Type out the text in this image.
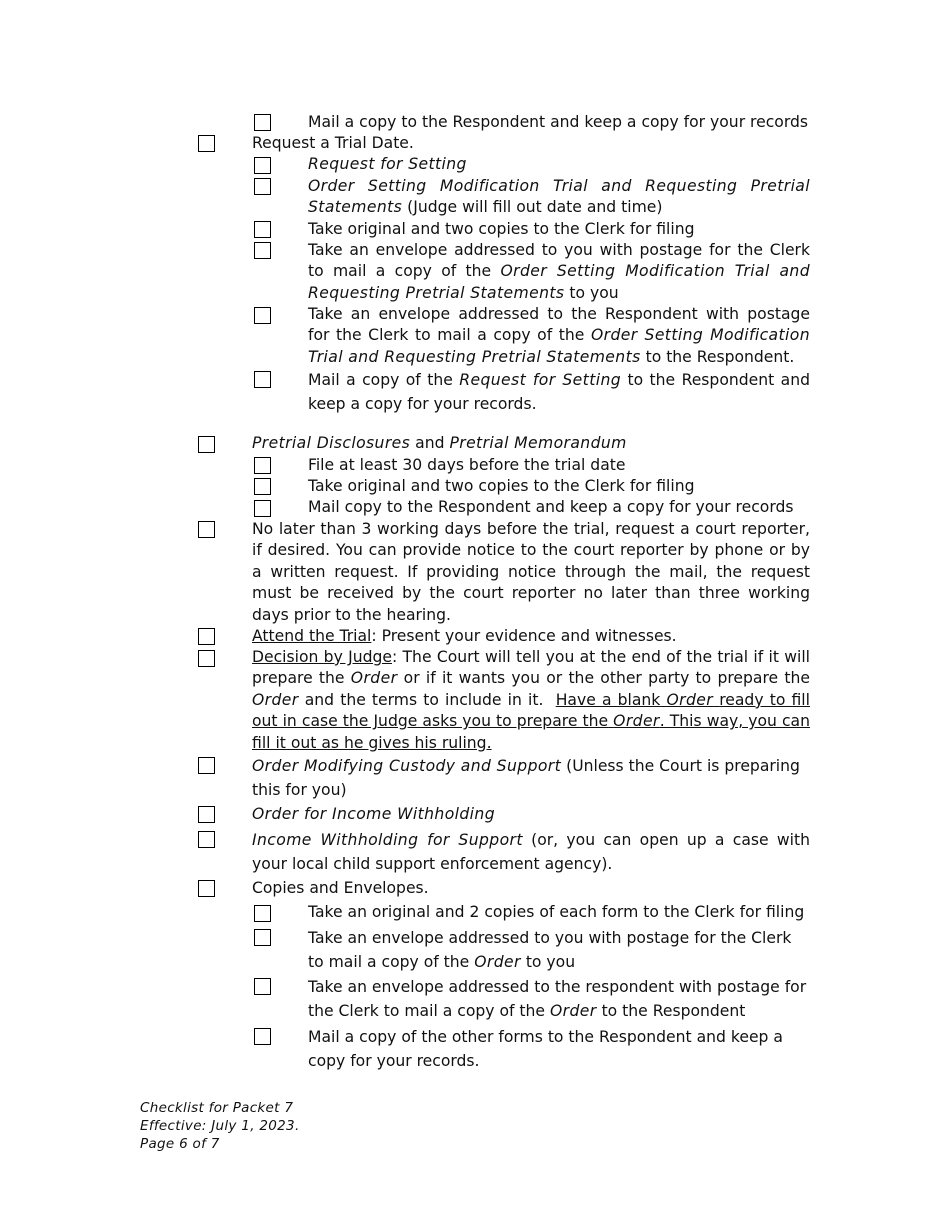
Mail a copy to the Respondent and keep a copy for your records
Request a Trial Date.
Request for Setting
Order Setting Modification Trial and Requesting Pretrial Statements (Judge will fill out date and time)
Take original and two copies to the Clerk for filing
Take an envelope addressed to you with postage for the Clerk to mail a copy of the Order Setting Modification Trial and Requesting Pretrial Statements to you
Take an envelope addressed to the Respondent with postage for the Clerk to mail a copy of the Order Setting Modification Trial and Requesting Pretrial Statements to the Respondent.
Mail a copy of the Request for Setting to the Respondent and keep a copy for your records.
Pretrial Disclosures and Pretrial Memorandum
File at least 30 days before the trial date
Take original and two copies to the Clerk for filing
Mail copy to the Respondent and keep a copy for your records
No later than 3 working days before the trial, request a court reporter, if desired. You can provide notice to the court reporter by phone or by a written request. If providing notice through the mail, the request must be received by the court reporter no later than three working days prior to the hearing.
Attend the Trial: Present your evidence and witnesses.
Decision by Judge: The Court will tell you at the end of the trial if it will prepare the Order or if it wants you or the other party to prepare the Order and the terms to include in it. Have a blank Order ready to fill out in case the Judge asks you to prepare the Order. This way, you can fill it out as he gives his ruling.
Order Modifying Custody and Support (Unless the Court is preparing this for you)
Order for Income Withholding
Income Withholding for Support (or, you can open up a case with your local child support enforcement agency).
Copies and Envelopes.
Take an original and 2 copies of each form to the Clerk for filing
Take an envelope addressed to you with postage for the Clerk to mail a copy of the Order to you
Take an envelope addressed to the respondent with postage for the Clerk to mail a copy of the Order to the Respondent
Mail a copy of the other forms to the Respondent and keep a copy for your records.
Checklist for Packet 7
Effective: July 1, 2023.
Page 6 of 7
